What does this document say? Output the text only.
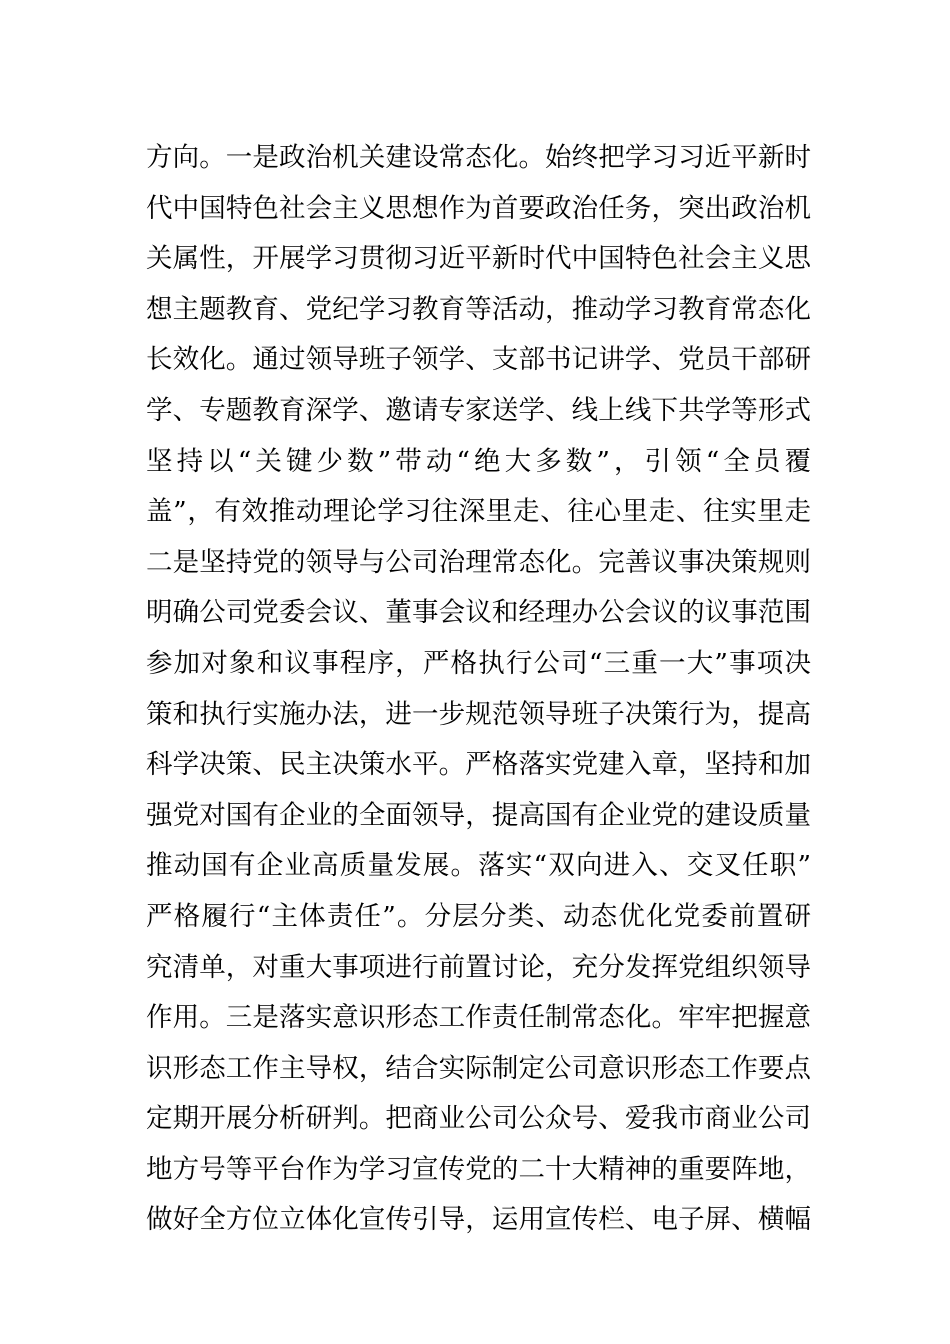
方向。一是政治机关建设常态化。始终把学习习近平新时
代中国特色社会主义思想作为首要政治任务，突出政治机
关属性，开展学习贯彻习近平新时代中国特色社会主义思
想主题教育、党纪学习教育等活动，推动学习教育常态化
长效化。通过领导班子领学、支部书记讲学、党员干部研
学、专题教育深学、邀请专家送学、线上线下共学等形式
坚持以“关键少数”带动“绝大多数”，引领“全员覆
盖”，有效推动理论学习往深里走、往心里走、往实里走
二是坚持党的领导与公司治理常态化。完善议事决策规则
明确公司党委会议、董事会议和经理办公会议的议事范围
参加对象和议事程序，严格执行公司“三重一大”事项决
策和执行实施办法，进一步规范领导班子决策行为，提高
科学决策、民主决策水平。严格落实党建入章，坚持和加
强党对国有企业的全面领导，提高国有企业党的建设质量
推动国有企业高质量发展。落实“双向进入、交叉任职”
严格履行“主体责任”。分层分类、动态优化党委前置研
究清单，对重大事项进行前置讨论，充分发挥党组织领导
作用。三是落实意识形态工作责任制常态化。牢牢把握意
识形态工作主导权，结合实际制定公司意识形态工作要点
定期开展分析研判。把商业公司公众号、爱我市商业公司
地方号等平台作为学习宣传党的二十大精神的重要阵地，
做好全方位立体化宣传引导，运用宣传栏、电子屏、横幅
